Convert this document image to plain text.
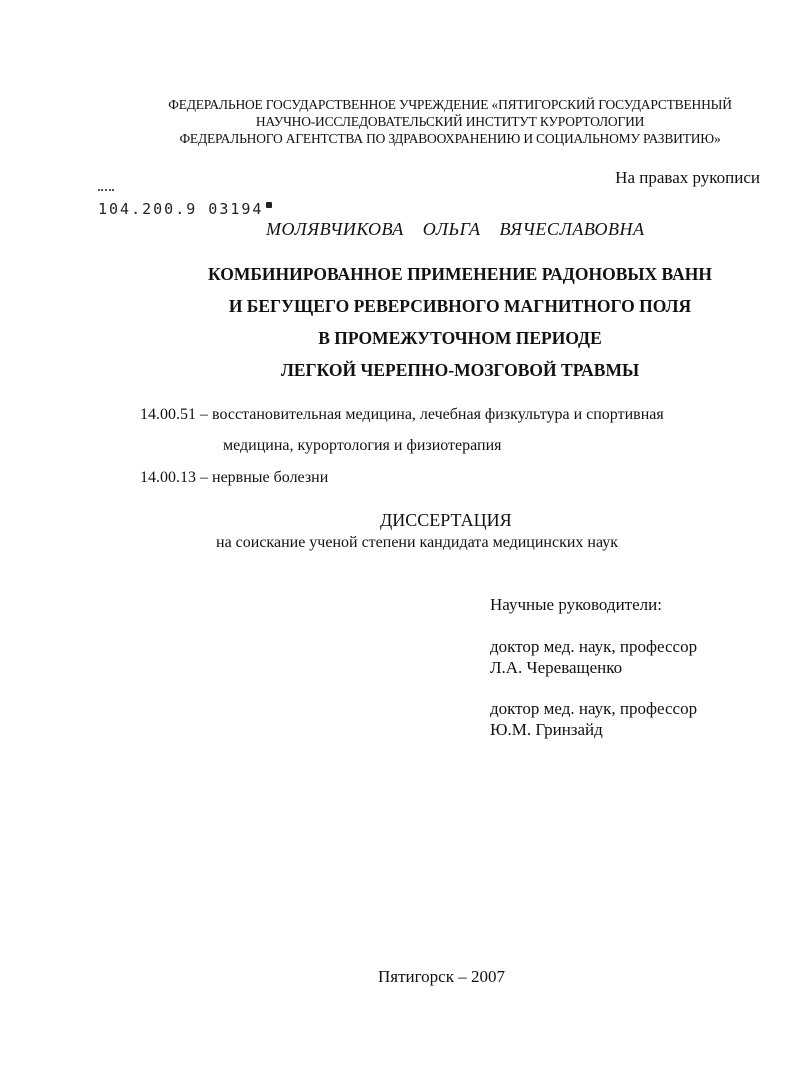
ФЕДЕРАЛЬНОЕ ГОСУДАРСТВЕННОЕ УЧРЕЖДЕНИЕ «ПЯТИГОРСКИЙ ГОСУДАРСТВЕННЫЙ
НАУЧНО-ИССЛЕДОВАТЕЛЬСКИЙ ИНСТИТУТ КУРОРТОЛОГИИ
ФЕДЕРАЛЬНОГО АГЕНТСТВА ПО ЗДРАВООХРАНЕНИЮ И СОЦИАЛЬНОМУ РАЗВИТИЮ»
На правах рукописи
104.200.9 03194
МОЛЯВЧИКОВА ОЛЬГА ВЯЧЕСЛАВОВНА
КОМБИНИРОВАННОЕ ПРИМЕНЕНИЕ РАДОНОВЫХ ВАНН
И БЕГУЩЕГО РЕВЕРСИВНОГО МАГНИТНОГО ПОЛЯ
В ПРОМЕЖУТОЧНОМ ПЕРИОДЕ
ЛЕГКОЙ ЧЕРЕПНО-МОЗГОВОЙ ТРАВМЫ
14.00.51 – восстановительная медицина, лечебная физкультура и спортивная
медицина, курортология и физиотерапия
14.00.13 – нервные болезни
ДИССЕРТАЦИЯ
на соискание ученой степени кандидата медицинских наук
Научные руководители:
доктор мед. наук, профессор
Л.А. Череващенко
доктор мед. наук, профессор
Ю.М. Гринзайд
Пятигорск – 2007
